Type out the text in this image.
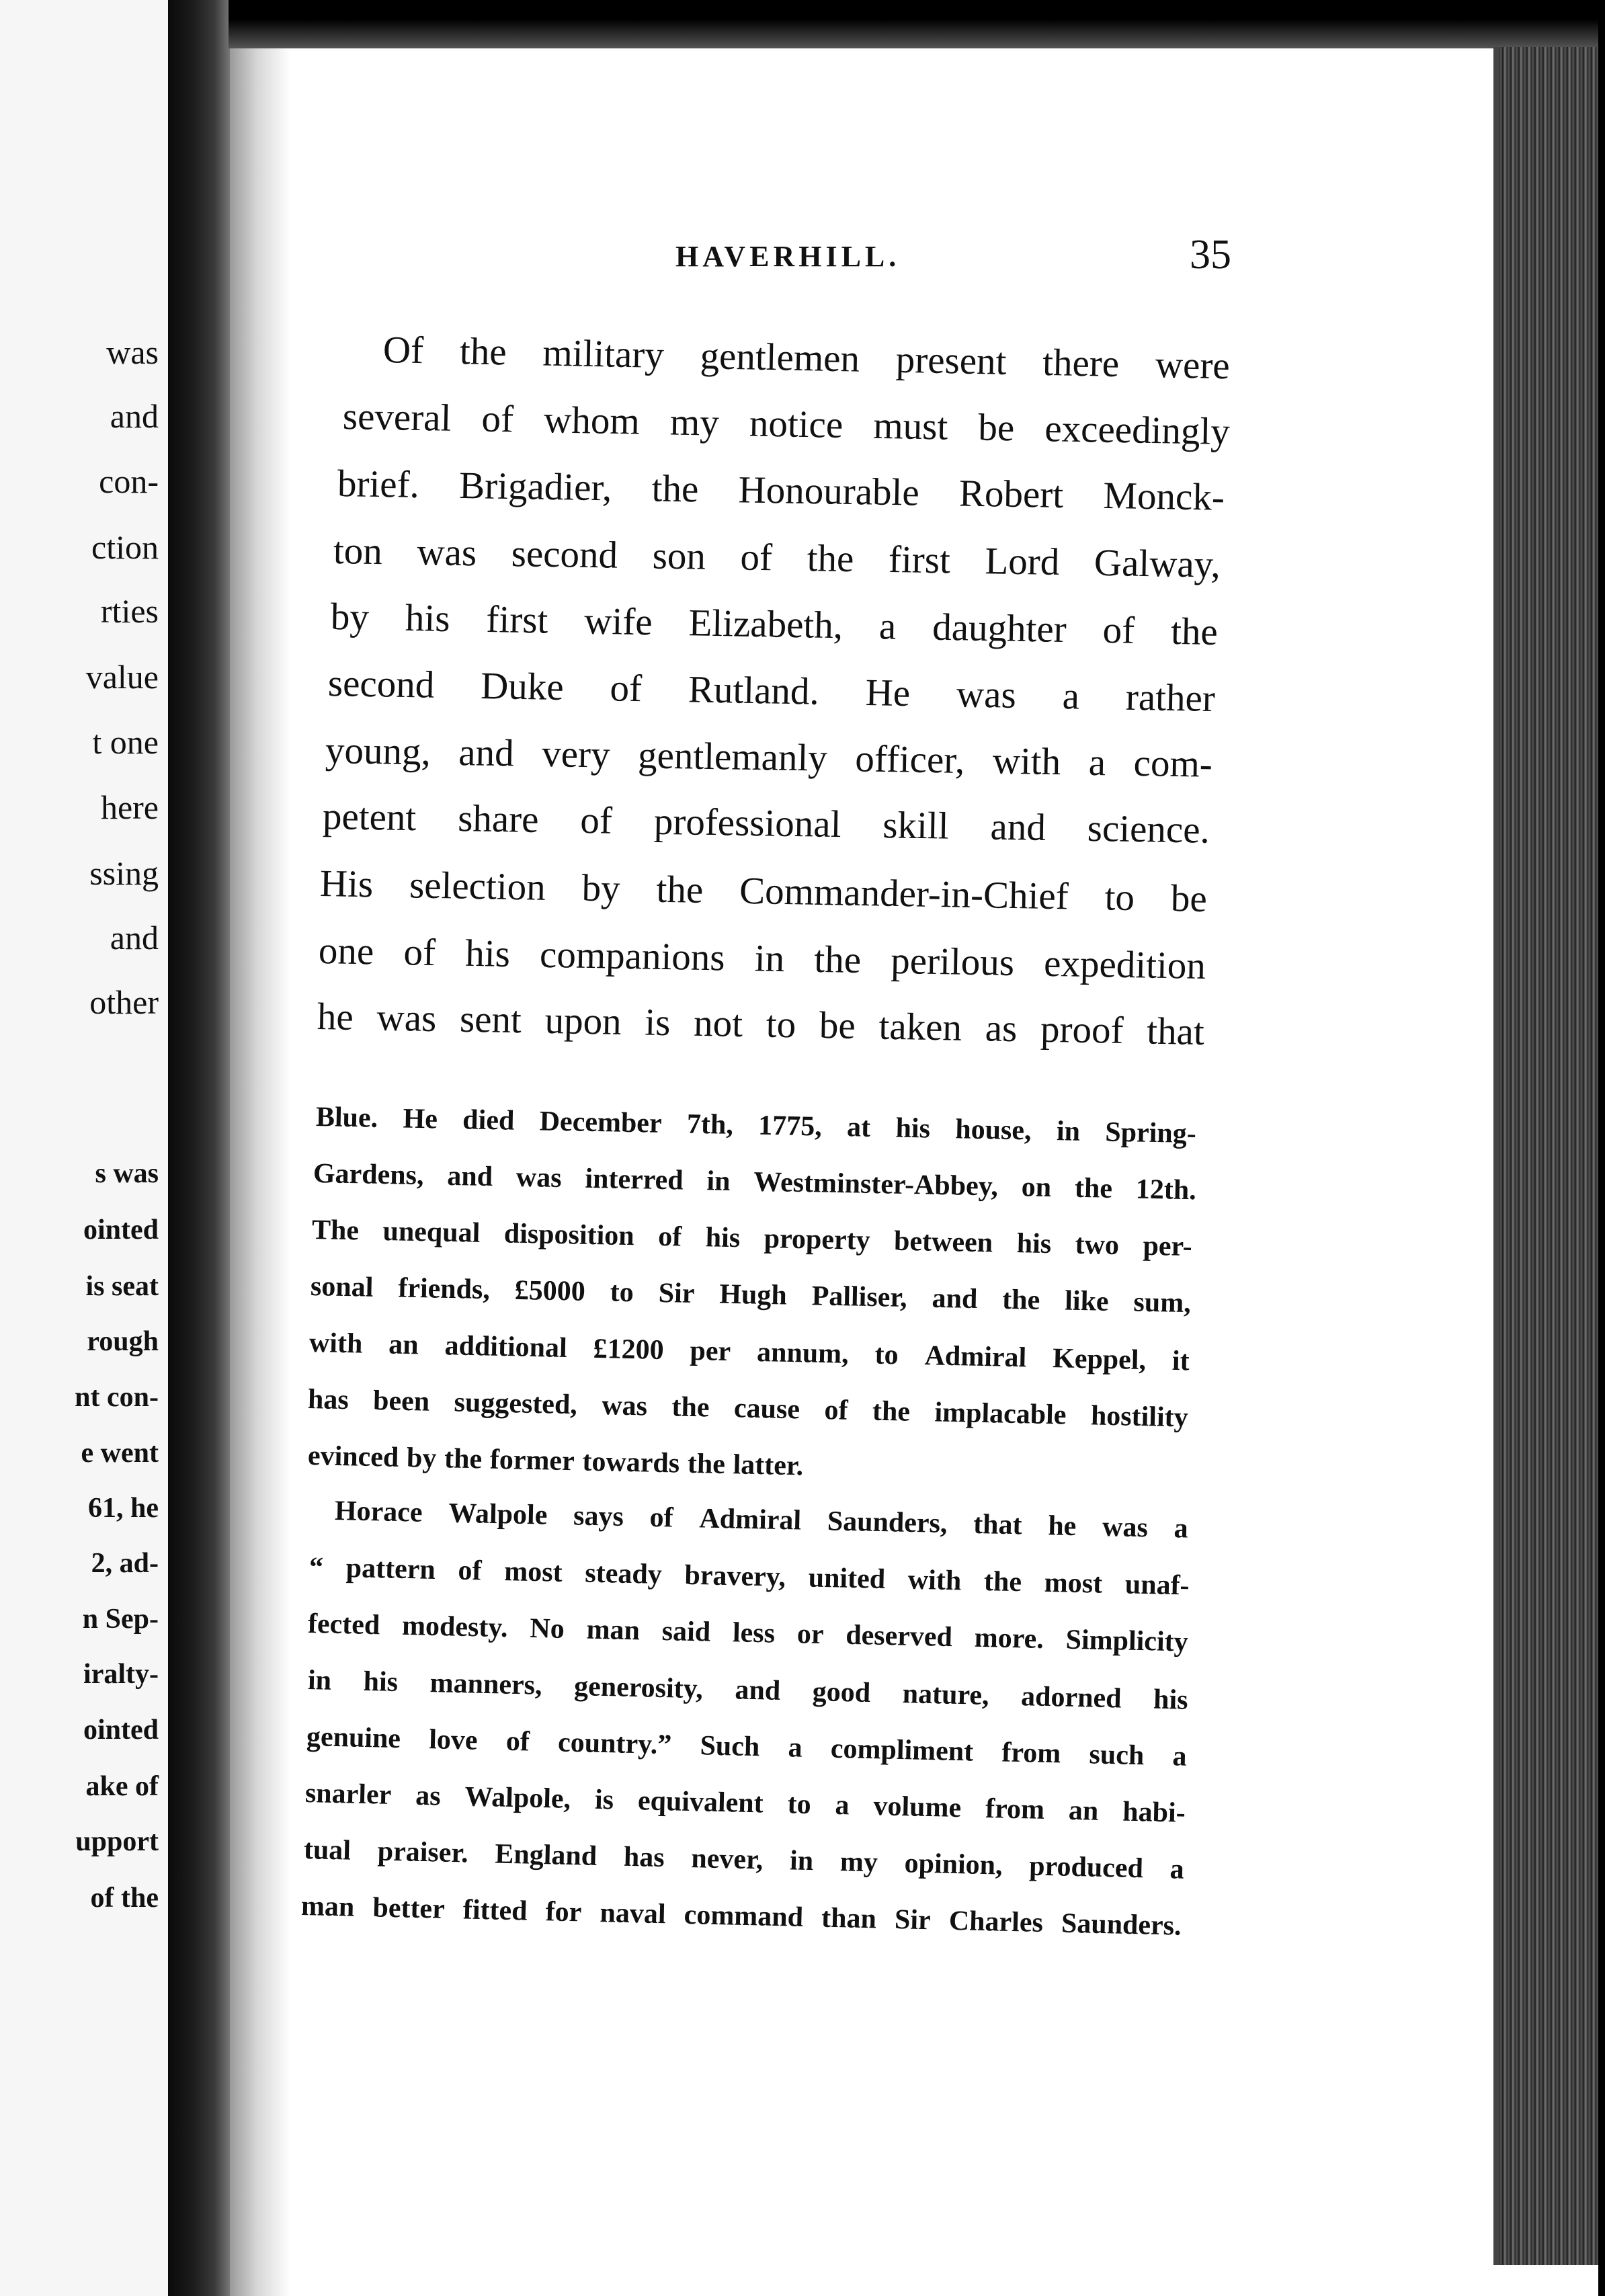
was
and
con-
ction
rties
value
t one
here
ssing
and
other
s was
ointed
is seat
rough
nt con-
e went
61, he
2, ad-
n Sep-
iralty-
ointed
ake of
upport
of the
HAVERHILL.	35
Of the military gentlemen present there were
several of whom my notice must be exceedingly
brief. Brigadier, the Honourable Robert Monck-
ton was second son of the first Lord Galway,
by his first wife Elizabeth, a daughter of the
second Duke of Rutland. He was a rather
young, and very gentlemanly officer, with a com-
petent share of professional skill and science.
His selection by the Commander-in-Chief to be
one of his companions in the perilous expedition
he was sent upon is not to be taken as proof that
Blue. He died December 7th, 1775, at his house, in Spring-
Gardens, and was interred in Westminster-Abbey, on the 12th.
The unequal disposition of his property between his two per-
sonal friends, £5000 to Sir Hugh Palliser, and the like sum,
with an additional £1200 per annum, to Admiral Keppel, it
has been suggested, was the cause of the implacable hostility
evinced by the former towards the latter.
Horace Walpole says of Admiral Saunders, that he was a
“ pattern of most steady bravery, united with the most unaf-
fected modesty. No man said less or deserved more. Simplicity
in his manners, generosity, and good nature, adorned his
genuine love of country.” Such a compliment from such a
snarler as Walpole, is equivalent to a volume from an habi-
tual praiser. England has never, in my opinion, produced a
man better fitted for naval command than Sir Charles Saunders.
